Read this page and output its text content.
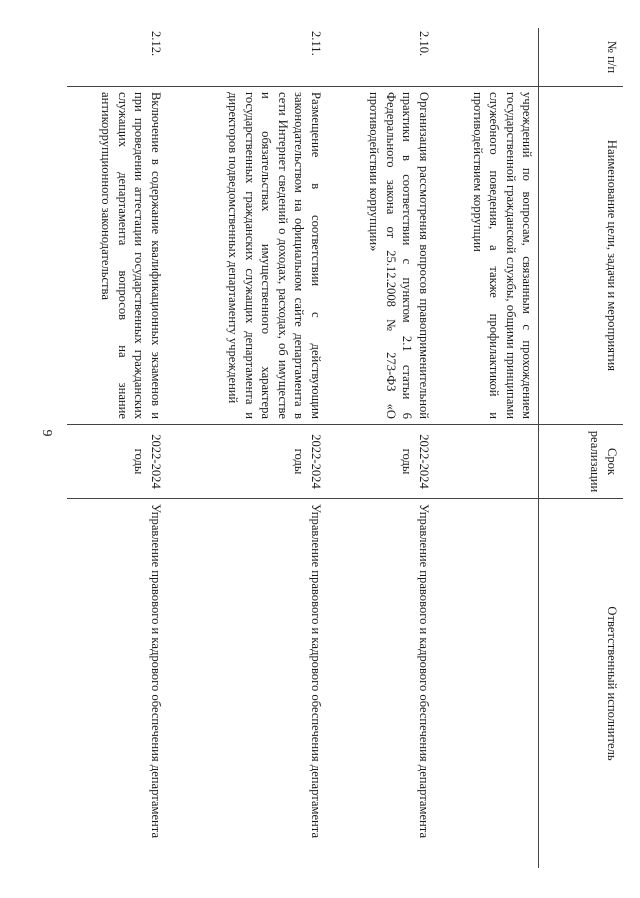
9
№ п/п	Наименование цели, задачи и мероприятия	Срок реализации	Ответственный исполнитель
	учреждений по вопросам, связанным с прохождением государственной гражданской службы, общими принципами служебного поведения, а также профилактикой и противодействием коррупции		
2.10.	Организация рассмотрения вопросов правоприменительной практики в соответствии с пунктом 2.1 статьи 6 Федерального закона от 25.12.2008 № 273-ФЗ «О противодействии коррупции»	2022-2024 годы	Управление правового и кадрового обеспечения департамента
2.11.	Размещение в соответствии с действующим законодательством на официальном сайте департамента в сети Интернет сведений о доходах, расходах, об имуществе и обязательствах имущественного характера государственных гражданских служащих департамента и директоров подведомственных департаменту учреждений	2022-2024 годы	Управление правового и кадрового обеспечения департамента
2.12.	Включение в содержание квалификационных экзаменов и при проведении аттестации государственных гражданских служащих департамента вопросов на знание антикоррупционного законодательства	2022-2024 годы	Управление правового и кадрового обеспечения департамента
